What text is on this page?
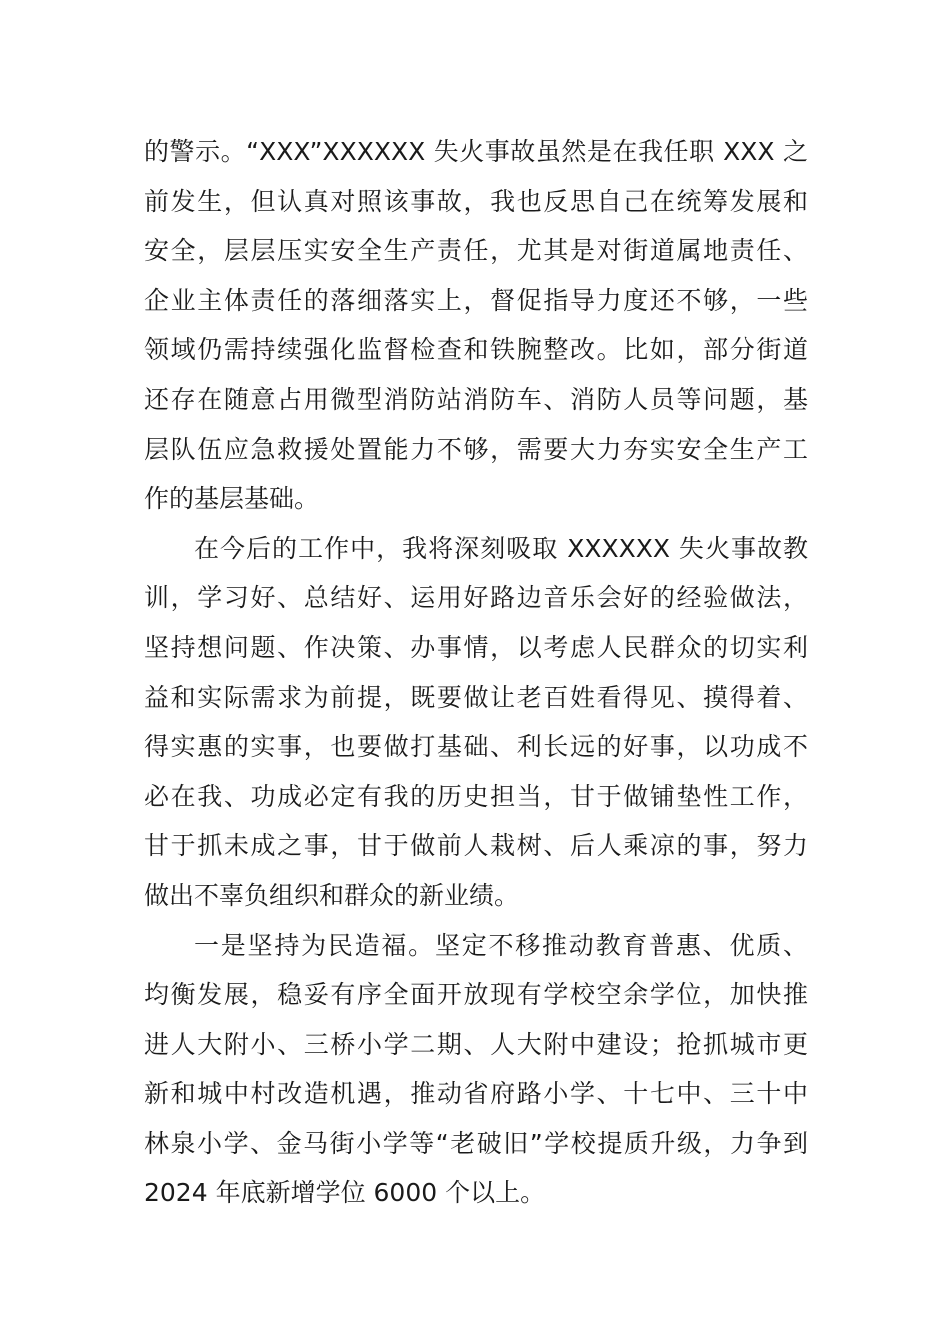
的警示。“XXX”XXXXXX 失火事故虽然是在我任职 XXX 之
前发生，但认真对照该事故，我也反思自己在统筹发展和
安全，层层压实安全生产责任，尤其是对街道属地责任、
企业主体责任的落细落实上，督促指导力度还不够，一些
领域仍需持续强化监督检查和铁腕整改。比如，部分街道
还存在随意占用微型消防站消防车、消防人员等问题，基
层队伍应急救援处置能力不够，需要大力夯实安全生产工
作的基层基础。
在今后的工作中，我将深刻吸取 XXXXXX 失火事故教
训，学习好、总结好、运用好路边音乐会好的经验做法，
坚持想问题、作决策、办事情，以考虑人民群众的切实利
益和实际需求为前提，既要做让老百姓看得见、摸得着、
得实惠的实事，也要做打基础、利长远的好事，以功成不
必在我、功成必定有我的历史担当，甘于做铺垫性工作，
甘于抓未成之事，甘于做前人栽树、后人乘凉的事，努力
做出不辜负组织和群众的新业绩。
一是坚持为民造福。坚定不移推动教育普惠、优质、
均衡发展，稳妥有序全面开放现有学校空余学位，加快推
进人大附小、三桥小学二期、人大附中建设；抢抓城市更
新和城中村改造机遇，推动省府路小学、十七中、三十中
林泉小学、金马街小学等“老破旧”学校提质升级，力争到
2024 年底新增学位 6000 个以上。
